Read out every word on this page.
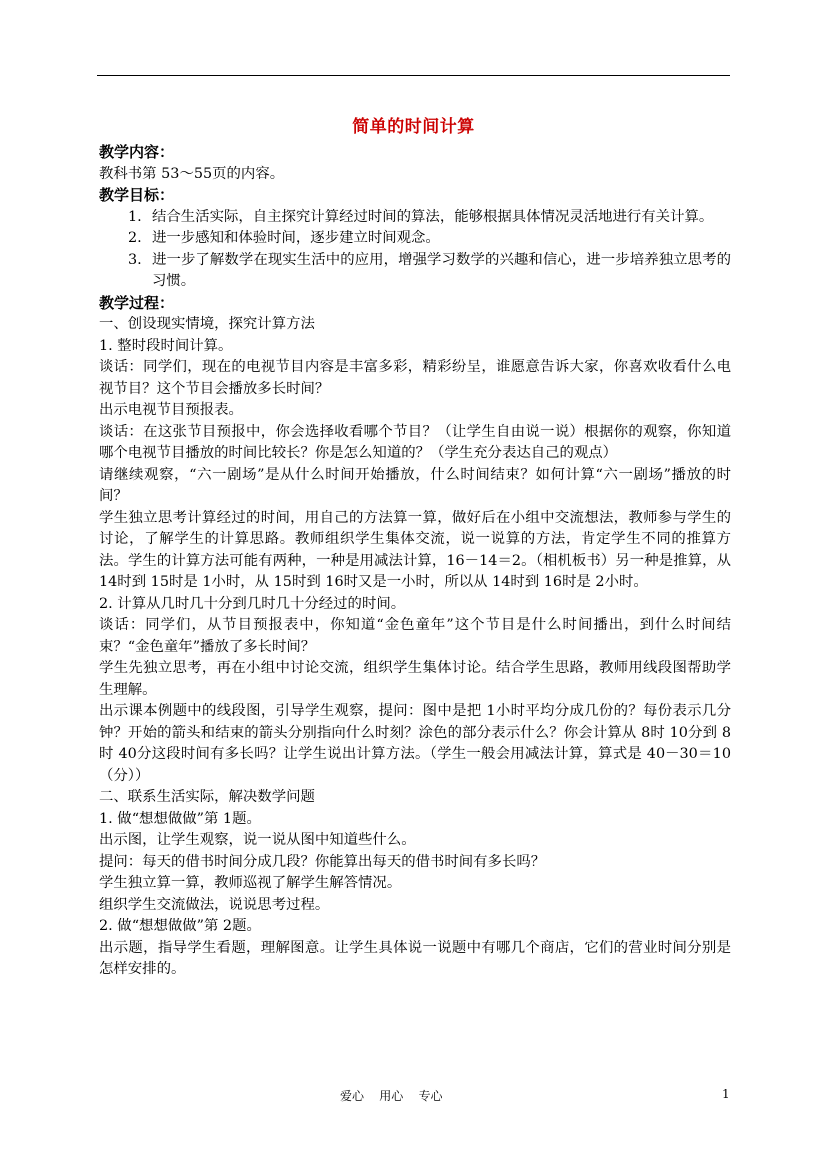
简单的时间计算

教学内容：

教科书第 53～55页的内容。

教学目标：

1. 结合生活实际，自主探究计算经过时间的算法，能够根据具体情况灵活地进行有关计算。
2. 进一步感知和体验时间，逐步建立时间观念。
3. 进一步了解数学在现实生活中的应用，增强学习数学的兴趣和信心，进一步培养独立思考的习惯。

教学过程：

一、创设现实情境，探究计算方法

1. 整时段时间计算。

谈话：同学们，现在的电视节目内容是丰富多彩，精彩纷呈，谁愿意告诉大家，你喜欢收看什么电视节目？这个节目会播放多长时间？

出示电视节目预报表。

谈话：在这张节目预报中，你会选择收看哪个节目？（让学生自由说一说）根据你的观察，你知道哪个电视节目播放的时间比较长？你是怎么知道的？（学生充分表达自己的观点）

请继续观察，“六一剧场”是从什么时间开始播放，什么时间结束？如何计算“六一剧场”播放的时间？

学生独立思考计算经过的时间，用自己的方法算一算，做好后在小组中交流想法，教师参与学生的讨论，了解学生的计算思路。教师组织学生集体交流，说一说算的方法，肯定学生不同的推算方法。学生的计算方法可能有两种，一种是用减法计算，16－14＝2。（相机板书）另一种是推算，从 14时到 15时是 1小时，从 15时到 16时又是一小时，所以从 14时到 16时是 2小时。

2. 计算从几时几十分到几时几十分经过的时间。

谈话：同学们，从节目预报表中，你知道“金色童年”这个节目是什么时间播出，到什么时间结束？“金色童年”播放了多长时间？

学生先独立思考，再在小组中讨论交流，组织学生集体讨论。结合学生思路，教师用线段图帮助学生理解。

出示课本例题中的线段图，引导学生观察，提问：图中是把 1小时平均分成几份的？每份表示几分钟？开始的箭头和结束的箭头分别指向什么时刻？涂色的部分表示什么？你会计算从 8时 10分到 8时 40分这段时间有多长吗？让学生说出计算方法。（学生一般会用减法计算，算式是 40－30＝10（分））

二、联系生活实际，解决数学问题

1. 做“想想做做”第 1题。

出示图，让学生观察，说一说从图中知道些什么。

提问：每天的借书时间分成几段？你能算出每天的借书时间有多长吗？

学生独立算一算，教师巡视了解学生解答情况。

组织学生交流做法，说说思考过程。

2. 做“想想做做”第 2题。

出示题，指导学生看题，理解图意。让学生具体说一说题中有哪几个商店，它们的营业时间分别是怎样安排的。

爱心    用心    专心	1
